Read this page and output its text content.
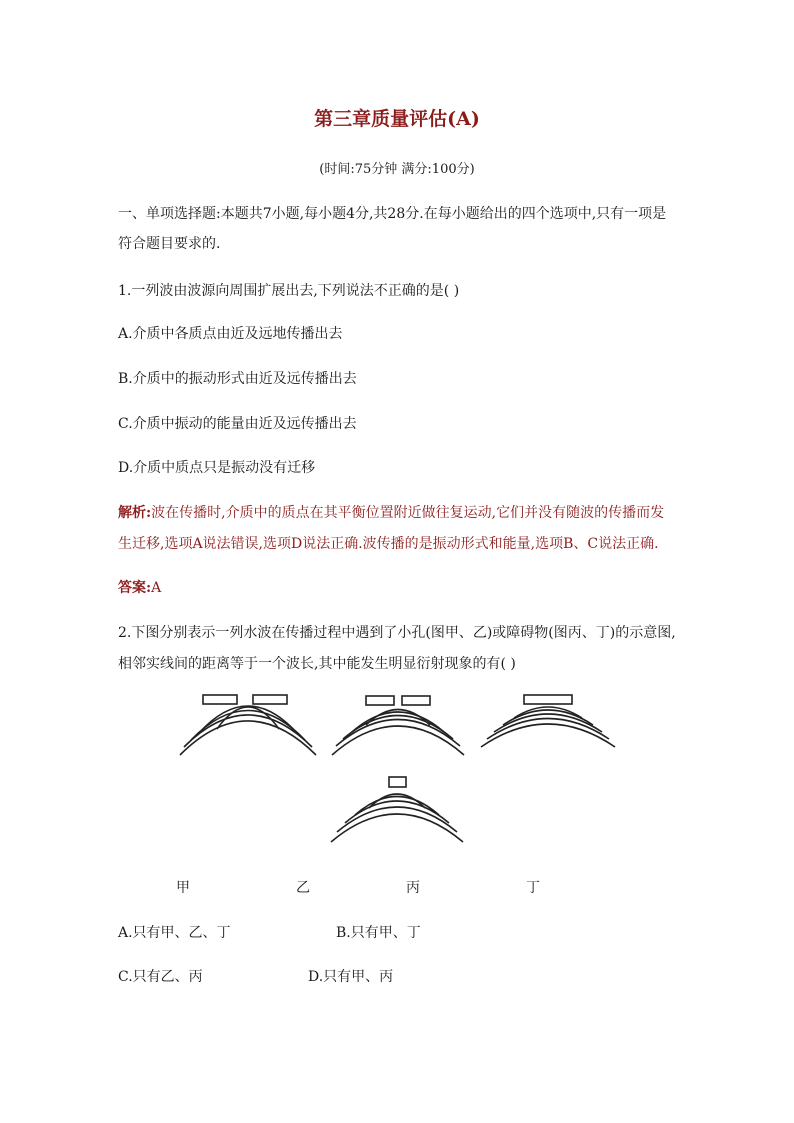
第三章质量评估(A)
(时间:75分钟 满分:100分)
一、单项选择题:本题共7小题,每小题4分,共28分.在每小题给出的四个选项中,只有一项是
符合题目要求的.
1.一列波由波源向周围扩展出去,下列说法不正确的是( )
A.介质中各质点由近及远地传播出去
B.介质中的振动形式由近及远传播出去
C.介质中振动的能量由近及远传播出去
D.介质中质点只是振动没有迁移
解析:波在传播时,介质中的质点在其平衡位置附近做往复运动,它们并没有随波的传播而发
生迁移,选项A说法错误,选项D说法正确.波传播的是振动形式和能量,选项B、C说法正确.
答案:A
2.下图分别表示一列水波在传播过程中遇到了小孔(图甲、乙)或障碍物(图丙、丁)的示意图,
相邻实线间的距离等于一个波长,其中能发生明显衍射现象的有( )
甲	乙	丙	丁
A.只有甲、乙、丁	B.只有甲、丁
C.只有乙、丙	D.只有甲、丙
